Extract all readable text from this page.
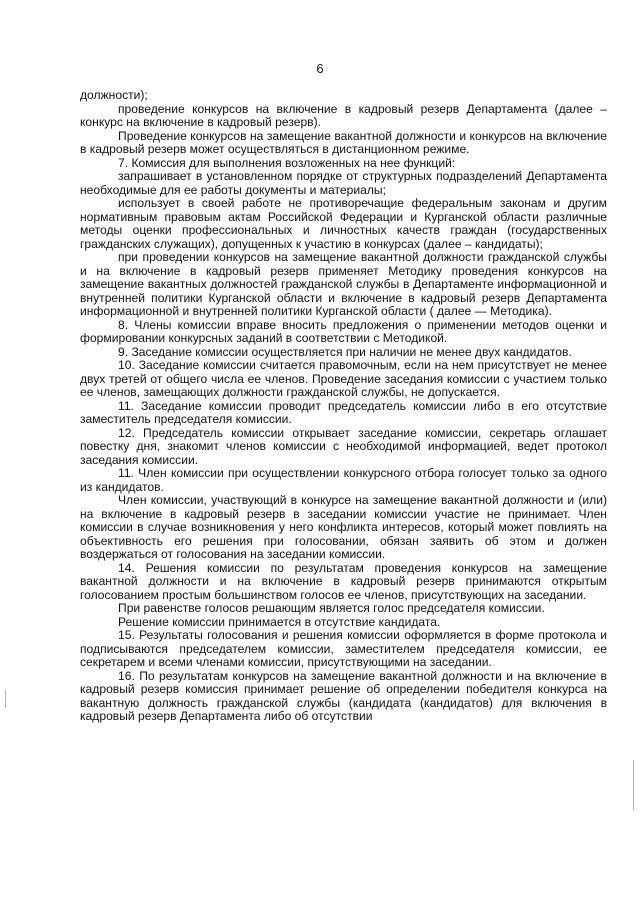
6

должности);

проведение конкурсов на включение в кадровый резерв Департамента (далее – конкурс на включение в кадровый резерв).

Проведение конкурсов на замещение вакантной должности и конкурсов на включение в кадровый резерв может осуществляться в дистанционном режиме.

7. Комиссия для выполнения возложенных на нее функций:

запрашивает в установленном порядке от структурных подразделений Департамента необходимые для ее работы документы и материалы;

использует в своей работе не противоречащие федеральным законам и другим нормативным правовым актам Российской Федерации и Курганской области различные методы оценки профессиональных и личностных качеств граждан (государственных гражданских служащих), допущенных к участию в конкурсах (далее – кандидаты);

при проведении конкурсов на замещение вакантной должности гражданской службы и на включение в кадровый резерв применяет Методику проведения конкурсов на замещение вакантных должностей гражданской службы в Департаменте информационной и внутренней политики Курганской области и включение в кадровый резерв Департамента информационной и внутренней политики Курганской области ( далее — Методика).

8. Члены комиссии вправе вносить предложения о применении методов оценки и формировании конкурсных заданий в соответствии с Методикой.

9. Заседание комиссии осуществляется при наличии не менее двух кандидатов.

10. Заседание комиссии считается правомочным, если на нем присутствует не менее двух третей от общего числа ее членов. Проведение заседания комиссии с участием только ее членов, замещающих должности гражданской службы, не допускается.

11. Заседание комиссии проводит председатель комиссии либо в его отсутствие заместитель председателя комиссии.

12. Председатель комиссии открывает заседание комиссии, секретарь оглашает повестку дня, знакомит членов комиссии с необходимой информацией, ведет протокол заседания комиссии.

11. Член комиссии при осуществлении конкурсного отбора голосует только за одного из кандидатов.

Член комиссии, участвующий в конкурсе на замещение вакантной должности и (или) на включение в кадровый резерв в заседании комиссии участие не принимает. Член комиссии в случае возникновения у него конфликта интересов, который может повлиять на объективность его решения при голосовании, обязан заявить об этом и должен воздержаться от голосования на заседании комиссии.

14. Решения комиссии по результатам проведения конкурсов на замещение вакантной должности и на включение в кадровый резерв принимаются открытым голосованием простым большинством голосов ее членов, присутствующих на заседании.

При равенстве голосов решающим является голос председателя комиссии.

Решение комиссии принимается в отсутствие кандидата.

15. Результаты голосования и решения комиссии оформляется в форме протокола и подписываются председателем комиссии, заместителем председателя комиссии, ее секретарем и всеми членами комиссии, присутствующими на заседании.

16. По результатам конкурсов на замещение вакантной должности и на включение в кадровый резерв комиссия принимает решение об определении победителя конкурса на вакантную должность гражданской службы (кандидата (кандидатов) для включения в кадровый резерв Департамента либо об отсутствии
